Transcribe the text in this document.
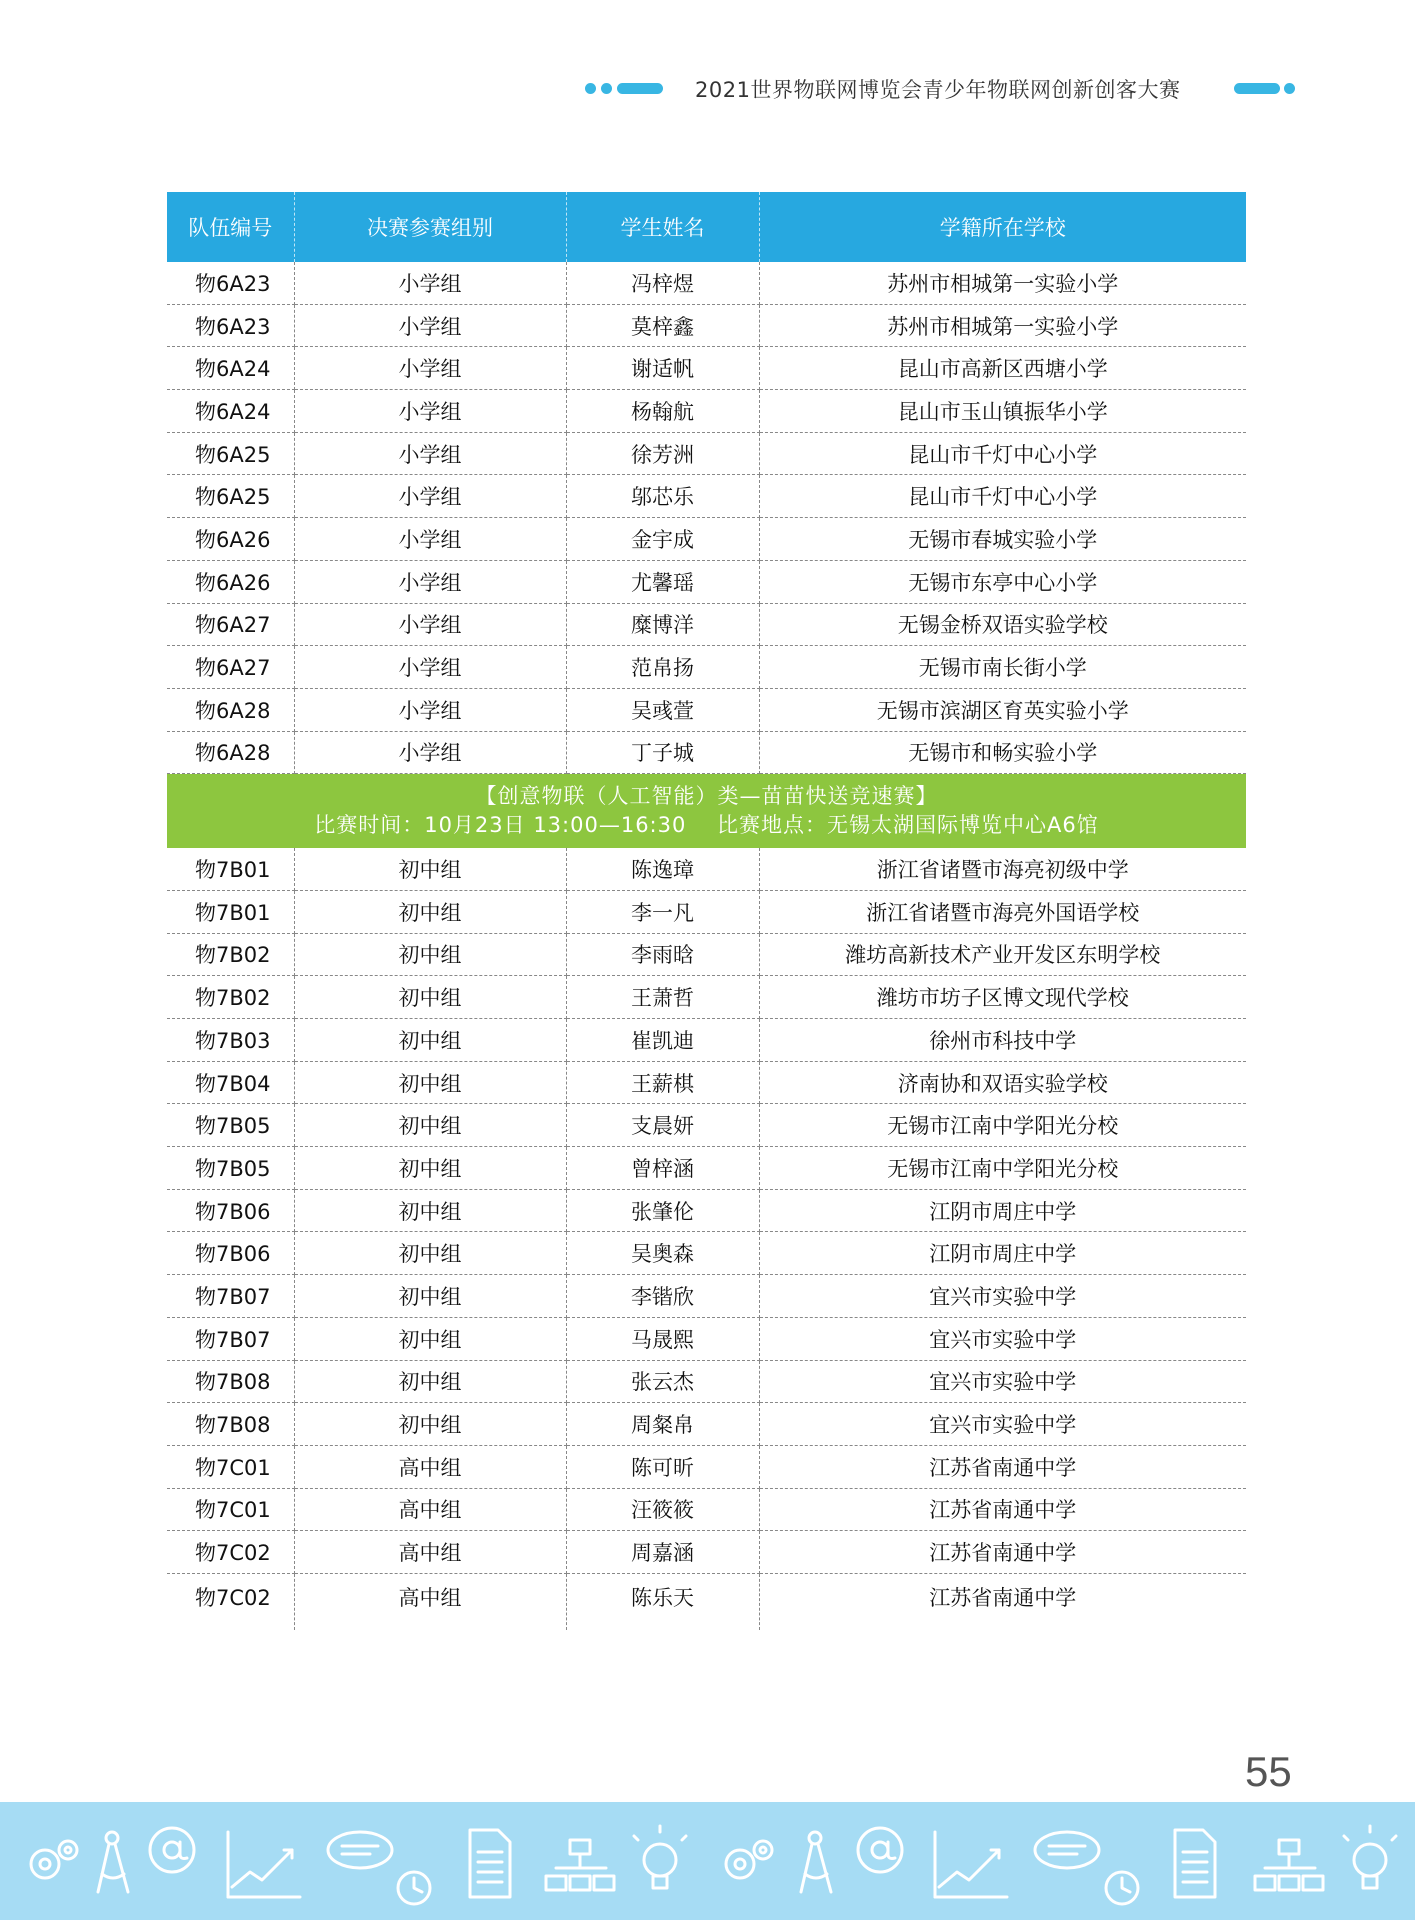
2021世界物联网博览会青少年物联网创新创客大赛
队伍编号	决赛参赛组别	学生姓名	学籍所在学校
物6A23	小学组	冯梓煜	苏州市相城第一实验小学
物6A23	小学组	莫梓鑫	苏州市相城第一实验小学
物6A24	小学组	谢适帆	昆山市高新区西塘小学
物6A24	小学组	杨翰航	昆山市玉山镇振华小学
物6A25	小学组	徐芳洲	昆山市千灯中心小学
物6A25	小学组	邬芯乐	昆山市千灯中心小学
物6A26	小学组	金宇成	无锡市春城实验小学
物6A26	小学组	尤馨瑶	无锡市东亭中心小学
物6A27	小学组	糜博洋	无锡金桥双语实验学校
物6A27	小学组	范帛扬	无锡市南长街小学
物6A28	小学组	吴彧萱	无锡市滨湖区育英实验小学
物6A28	小学组	丁子城	无锡市和畅实验小学

【创意物联（人工智能）类—苗苗快送竞速赛】
比赛时间：10月23日 13:00—16:30    比赛地点：无锡太湖国际博览中心A6馆			

物7B01	初中组	陈逸璋	浙江省诸暨市海亮初级中学
物7B01	初中组	李一凡	浙江省诸暨市海亮外国语学校
物7B02	初中组	李雨晗	潍坊高新技术产业开发区东明学校
物7B02	初中组	王萧哲	潍坊市坊子区博文现代学校
物7B03	初中组	崔凯迪	徐州市科技中学
物7B04	初中组	王薪棋	济南协和双语实验学校
物7B05	初中组	支晨妍	无锡市江南中学阳光分校
物7B05	初中组	曾梓涵	无锡市江南中学阳光分校
物7B06	初中组	张肇伦	江阴市周庄中学
物7B06	初中组	吴奥森	江阴市周庄中学
物7B07	初中组	李锴欣	宜兴市实验中学
物7B07	初中组	马晟熙	宜兴市实验中学
物7B08	初中组	张云杰	宜兴市实验中学
物7B08	初中组	周粲帛	宜兴市实验中学
物7C01	高中组	陈可昕	江苏省南通中学
物7C01	高中组	汪筱筱	江苏省南通中学
物7C02	高中组	周嘉涵	江苏省南通中学
物7C02	高中组	陈乐天	江苏省南通中学
55
